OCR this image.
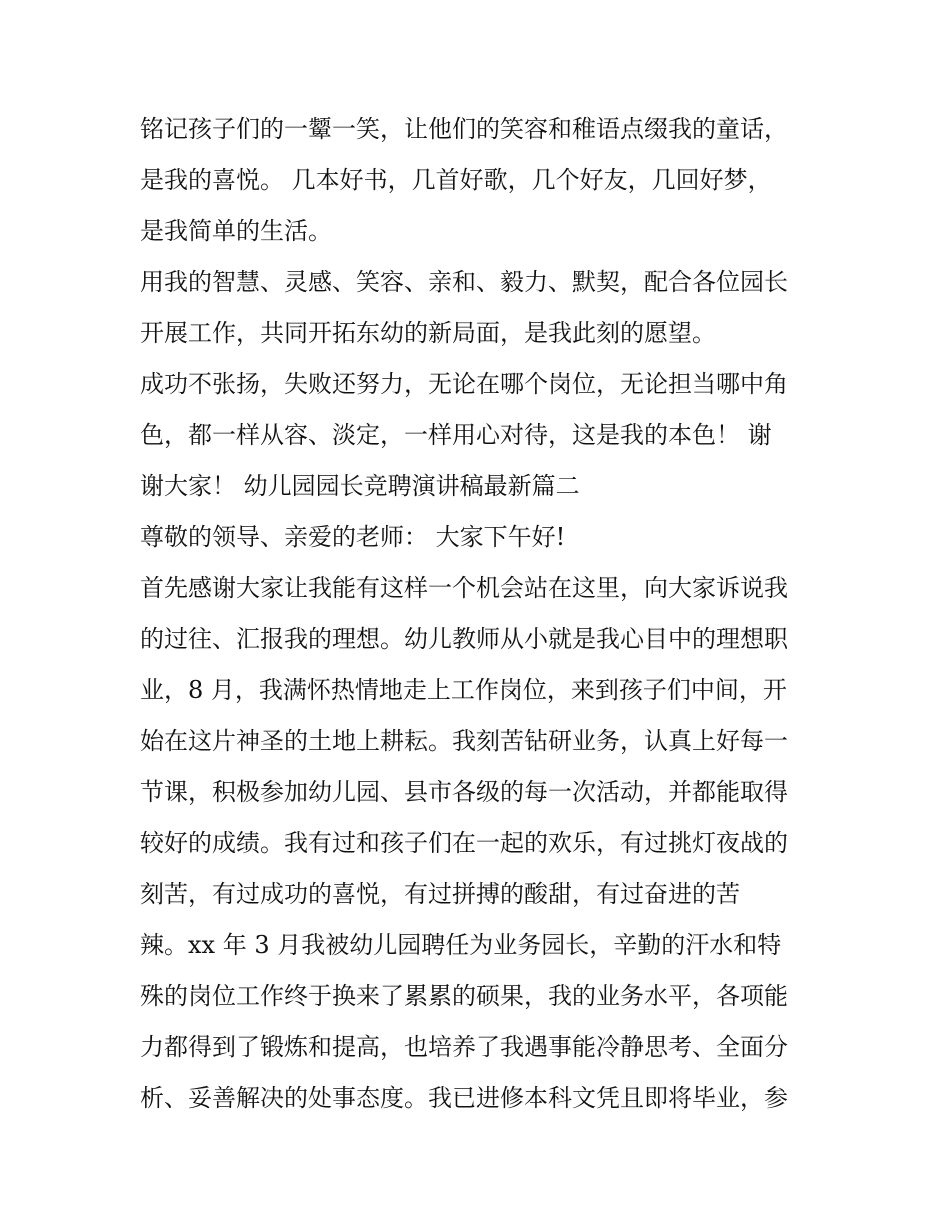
铭记孩子们的一颦一笑，让他们的笑容和稚语点缀我的童话，
是我的喜悦。 几本好书，几首好歌，几个好友，几回好梦，
是我简单的生活。
用我的智慧、灵感、笑容、亲和、毅力、默契，配合各位园长
开展工作，共同开拓东幼的新局面，是我此刻的愿望。
成功不张扬，失败还努力，无论在哪个岗位，无论担当哪中角
色，都一样从容、淡定，一样用心对待，这是我的本色！ 谢
谢大家！ 幼儿园园长竞聘演讲稿最新篇二
尊敬的领导、亲爱的老师： 大家下午好!
首先感谢大家让我能有这样一个机会站在这里，向大家诉说我
的过往、汇报我的理想。幼儿教师从小就是我心目中的理想职
业，8 月，我满怀热情地走上工作岗位，来到孩子们中间，开
始在这片神圣的土地上耕耘。我刻苦钻研业务，认真上好每一
节课，积极参加幼儿园、县市各级的每一次活动，并都能取得
较好的成绩。我有过和孩子们在一起的欢乐，有过挑灯夜战的
刻苦，有过成功的喜悦，有过拼搏的酸甜，有过奋进的苦
辣。xx 年 3 月我被幼儿园聘任为业务园长，辛勤的汗水和特
殊的岗位工作终于换来了累累的硕果，我的业务水平，各项能
力都得到了锻炼和提高，也培养了我遇事能冷静思考、全面分
析、妥善解决的处事态度。我已进修本科文凭且即将毕业，参
